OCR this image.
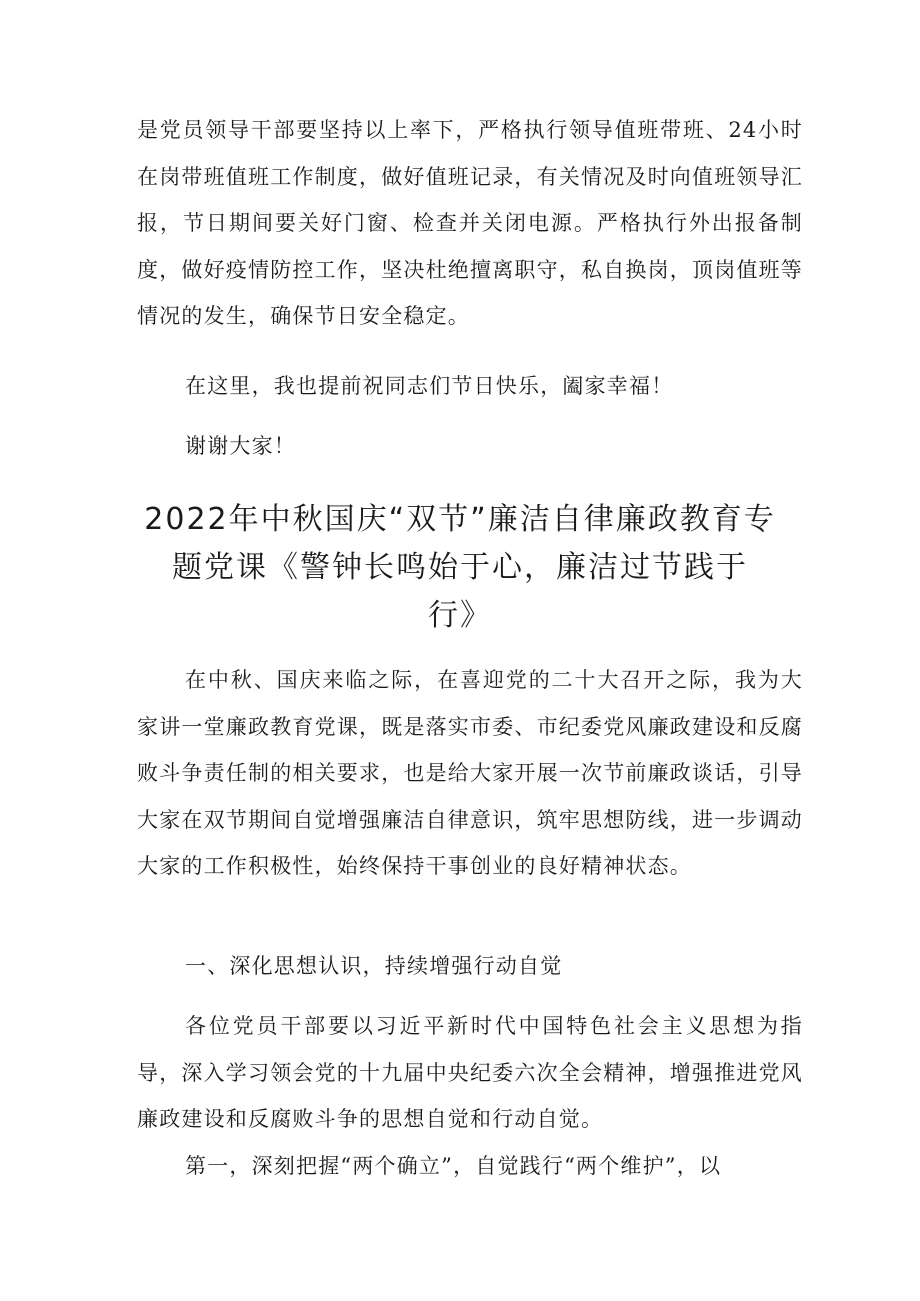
是党员领导干部要坚持以上率下，严格执行领导值班带班、24小时在岗带班值班工作制度，做好值班记录，有关情况及时向值班领导汇报，节日期间要关好门窗、检查并关闭电源。严格执行外出报备制度，做好疫情防控工作，坚决杜绝擅离职守，私自换岗，顶岗值班等情况的发生，确保节日安全稳定。

在这里，我也提前祝同志们节日快乐，阖家幸福！

谢谢大家！

2022年中秋国庆“双节”廉洁自律廉政教育专
题党课《警钟长鸣始于心，廉洁过节践于
行》

在中秋、国庆来临之际，在喜迎党的二十大召开之际，我为大家讲一堂廉政教育党课，既是落实市委、市纪委党风廉政建设和反腐败斗争责任制的相关要求，也是给大家开展一次节前廉政谈话，引导大家在双节期间自觉增强廉洁自律意识，筑牢思想防线，进一步调动大家的工作积极性，始终保持干事创业的良好精神状态。

一、深化思想认识，持续增强行动自觉

各位党员干部要以习近平新时代中国特色社会主义思想为指导，深入学习领会党的十九届中央纪委六次全会精神，增强推进党风廉政建设和反腐败斗争的思想自觉和行动自觉。

第一，深刻把握“两个确立”，自觉践行“两个维护”，以
